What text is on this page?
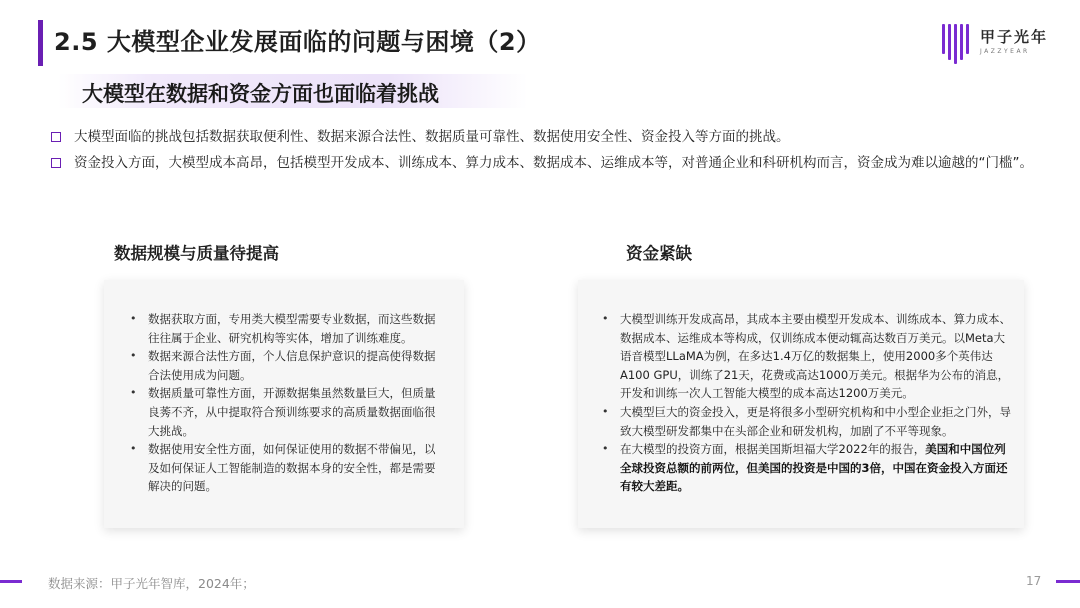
2.5 大模型企业发展面临的问题与困境（2）
大模型在数据和资金方面也面临着挑战
甲子光年
JAZZYEAR
大模型面临的挑战包括数据获取便利性、数据来源合法性、数据质量可靠性、数据使用安全性、资金投入等方面的挑战。
资金投入方面，大模型成本高昂，包括模型开发成本、训练成本、算力成本、数据成本、运维成本等，对普通企业和科研机构而言，资金成为难以逾越的“门槛”。
数据规模与质量待提高	资金紧缺
• 数据获取方面，专用类大模型需要专业数据，而这些数据往往属于企业、研究机构等实体，增加了训练难度。
• 数据来源合法性方面，个人信息保护意识的提高使得数据合法使用成为问题。
• 数据质量可靠性方面，开源数据集虽然数量巨大，但质量良莠不齐，从中提取符合预训练要求的高质量数据面临很大挑战。
• 数据使用安全性方面，如何保证使用的数据不带偏见，以及如何保证人工智能制造的数据本身的安全性，都是需要解决的问题。
• 大模型训练开发成高昂，其成本主要由模型开发成本、训练成本、算力成本、数据成本、运维成本等构成，仅训练成本便动辄高达数百万美元。以Meta大语音模型LLaMA为例，在多达1.4万亿的数据集上，使用2000多个英伟达A100 GPU，训练了21天，花费或高达1000万美元。根据华为公布的消息，开发和训练一次人工智能大模型的成本高达1200万美元。
• 大模型巨大的资金投入，更是将很多小型研究机构和中小型企业拒之门外，导致大模型研发都集中在头部企业和研发机构，加剧了不平等现象。
• 在大模型的投资方面，根据美国斯坦福大学2022年的报告，美国和中国位列全球投资总额的前两位，但美国的投资是中国的3倍，中国在资金投入方面还有较大差距。
数据来源：甲子光年智库，2024年；	17
